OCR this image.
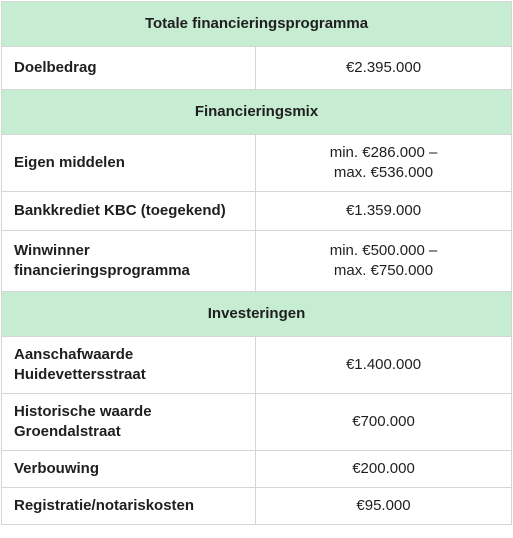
Totale financieringsprogramma	
Doelbedrag	€2.395.000
Financieringsmix	
Eigen middelen	min. €286.000 –
max. €536.000

Bankkrediet KBC (toegekend)	€1.359.000

Winwinner
financieringsprogramma	min. €500.000 –
max. €750.000

Investeringen	

Aanschafwaarde
Huidevettersstraat	€1.400.000

Historische waarde
Groendalstraat	€700.000
Verbouwing	€200.000
Registratie/notariskosten	€95.000
